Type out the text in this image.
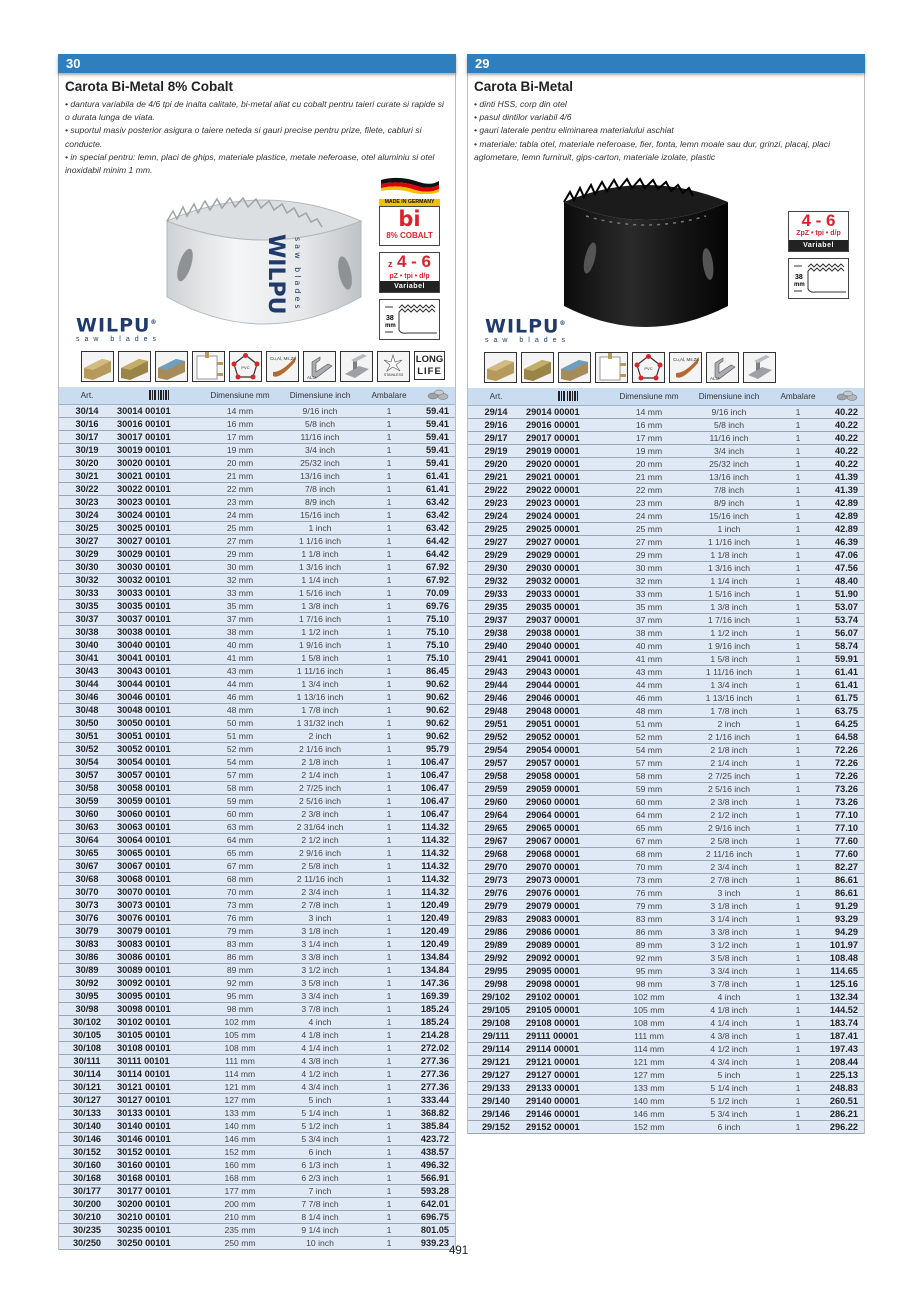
30
Carota Bi-Metal 8% Cobalt
• dantura variabila de 4/6 tpi de inalta calitate, bi-metal aliat cu cobalt pentru taieri curate si rapide si o durata lunga de viata.
• suportul masiv posterior asigura o taiere neteda si gauri precise pentru prize, filete, cabluri si conducte.
• in special pentru: lemn, placi de ghips, materiale plastice, metale neferoase, otel aluminiu si otel inoxidabil minim 1 mm.
WILPU saw blades
WILPU®
saw blades
MADE IN GERMANY
bi
8% COBALT
z 4 - 6
pZ • tpi • d/p
Variabel
38
mm
PVC
Cu,Al, Ms,Zn
ALU	STAINLESS
LONG
LIFE
Art.		Dimensiune mm	Dimensiune inch	Ambalare	
30/14	30014 00101	14 mm	9/16 inch	1	59.41
30/16	30016 00101	16 mm	5/8 inch	1	59.41
30/17	30017 00101	17 mm	11/16 inch	1	59.41
30/19	30019 00101	19 mm	3/4 inch	1	59.41
30/20	30020 00101	20 mm	25/32 inch	1	59.41
30/21	30021 00101	21 mm	13/16 inch	1	61.41
30/22	30022 00101	22 mm	7/8 inch	1	61.41
30/23	30023 00101	23 mm	8/9 inch	1	63.42
30/24	30024 00101	24 mm	15/16 inch	1	63.42
30/25	30025 00101	25 mm	1 inch	1	63.42
30/27	30027 00101	27 mm	1 1/16 inch	1	64.42
30/29	30029 00101	29 mm	1 1/8 inch	1	64.42
30/30	30030 00101	30 mm	1 3/16 inch	1	67.92
30/32	30032 00101	32 mm	1 1/4 inch	1	67.92
30/33	30033 00101	33 mm	1 5/16 inch	1	70.09
30/35	30035 00101	35 mm	1 3/8 inch	1	69.76
30/37	30037 00101	37 mm	1 7/16 inch	1	75.10
30/38	30038 00101	38 mm	1 1/2 inch	1	75.10
30/40	30040 00101	40 mm	1 9/16 inch	1	75.10
30/41	30041 00101	41 mm	1 5/8 inch	1	75.10
30/43	30043 00101	43 mm	1 11/16 inch	1	86.45
30/44	30044 00101	44 mm	1 3/4 inch	1	90.62
30/46	30046 00101	46 mm	1 13/16 inch	1	90.62
30/48	30048 00101	48 mm	1 7/8 inch	1	90.62
30/50	30050 00101	50 mm	1 31/32 inch	1	90.62
30/51	30051 00101	51 mm	2 inch	1	90.62
30/52	30052 00101	52 mm	2 1/16 inch	1	95.79
30/54	30054 00101	54 mm	2 1/8 inch	1	106.47
30/57	30057 00101	57 mm	2 1/4 inch	1	106.47
30/58	30058 00101	58 mm	2 7/25 inch	1	106.47
30/59	30059 00101	59 mm	2 5/16 inch	1	106.47
30/60	30060 00101	60 mm	2 3/8 inch	1	106.47
30/63	30063 00101	63 mm	2 31/64 inch	1	114.32
30/64	30064 00101	64 mm	2 1/2 inch	1	114.32
30/65	30065 00101	65 mm	2 9/16 inch	1	114.32
30/67	30067 00101	67 mm	2 5/8 inch	1	114.32
30/68	30068 00101	68 mm	2 11/16 inch	1	114.32
30/70	30070 00101	70 mm	2 3/4 inch	1	114.32
30/73	30073 00101	73 mm	2 7/8 inch	1	120.49
30/76	30076 00101	76 mm	3 inch	1	120.49
30/79	30079 00101	79 mm	3 1/8 inch	1	120.49
30/83	30083 00101	83 mm	3 1/4 inch	1	120.49
30/86	30086 00101	86 mm	3 3/8 inch	1	134.84
30/89	30089 00101	89 mm	3 1/2 inch	1	134.84
30/92	30092 00101	92 mm	3 5/8 inch	1	147.36
30/95	30095 00101	95 mm	3 3/4 inch	1	169.39
30/98	30098 00101	98 mm	3 7/8 inch	1	185.24
30/102	30102 00101	102 mm	4 inch	1	185.24
30/105	30105 00101	105 mm	4 1/8 inch	1	214.28
30/108	30108 00101	108 mm	4 1/4 inch	1	272.02
30/111	30111 00101	111 mm	4 3/8 inch	1	277.36
30/114	30114 00101	114 mm	4 1/2 inch	1	277.36
30/121	30121 00101	121 mm	4 3/4 inch	1	277.36
30/127	30127 00101	127 mm	5 inch	1	333.44
30/133	30133 00101	133 mm	5 1/4 inch	1	368.82
30/140	30140 00101	140 mm	5 1/2 inch	1	385.84
30/146	30146 00101	146 mm	5 3/4 inch	1	423.72
30/152	30152 00101	152 mm	6 inch	1	438.57
30/160	30160 00101	160 mm	6 1/3 inch	1	496.32
30/168	30168 00101	168 mm	6 2/3 inch	1	566.91
30/177	30177 00101	177 mm	7 inch	1	593.28
30/200	30200 00101	200 mm	7 7/8 inch	1	642.01
30/210	30210 00101	210 mm	8 1/4 inch	1	696.75
30/235	30235 00101	235 mm	9 1/4 inch	1	801.05
30/250	30250 00101	250 mm	10 inch	1	939.23
29
Carota Bi-Metal
• dinti HSS, corp din otel
• pasul dintilor variabil 4/6
• gauri laterale pentru eliminarea materialului aschiat
• materiale: tabla otel, materiale neferoase, fier, fonta, lemn moale sau dur, grinzi, placaj, placi aglometare, lemn furniruit, gips-carton, materiale izolate, plastic
WILPU®
saw blades
4 - 6
ZpZ • tpi • d/p
Variabel
38
mm
PVC
Cu,Al, Ms,Zn
ALU
Art.		Dimensiune mm	Dimensiune inch	Ambalare	
29/14	29014 00001	14 mm	9/16 inch	1	40.22
29/16	29016 00001	16 mm	5/8 inch	1	40.22
29/17	29017 00001	17 mm	11/16 inch	1	40.22
29/19	29019 00001	19 mm	3/4 inch	1	40.22
29/20	29020 00001	20 mm	25/32 inch	1	40.22
29/21	29021 00001	21 mm	13/16 inch	1	41.39
29/22	29022 00001	22 mm	7/8 inch	1	41.39
29/23	29023 00001	23 mm	8/9 inch	1	42.89
29/24	29024 00001	24 mm	15/16 inch	1	42.89
29/25	29025 00001	25 mm	1 inch	1	42.89
29/27	29027 00001	27 mm	1 1/16 inch	1	46.39
29/29	29029 00001	29 mm	1 1/8 inch	1	47.06
29/30	29030 00001	30 mm	1 3/16 inch	1	47.56
29/32	29032 00001	32 mm	1 1/4 inch	1	48.40
29/33	29033 00001	33 mm	1 5/16 inch	1	51.90
29/35	29035 00001	35 mm	1 3/8 inch	1	53.07
29/37	29037 00001	37 mm	1 7/16 inch	1	53.74
29/38	29038 00001	38 mm	1 1/2 inch	1	56.07
29/40	29040 00001	40 mm	1 9/16 inch	1	58.74
29/41	29041 00001	41 mm	1 5/8 inch	1	59.91
29/43	29043 00001	43 mm	1 11/16 inch	1	61.41
29/44	29044 00001	44 mm	1 3/4 inch	1	61.41
29/46	29046 00001	46 mm	1 13/16 inch	1	61.75
29/48	29048 00001	48 mm	1 7/8 inch	1	63.75
29/51	29051 00001	51 mm	2 inch	1	64.25
29/52	29052 00001	52 mm	2 1/16 inch	1	64.58
29/54	29054 00001	54 mm	2 1/8 inch	1	72.26
29/57	29057 00001	57 mm	2 1/4 inch	1	72.26
29/58	29058 00001	58 mm	2 7/25 inch	1	72.26
29/59	29059 00001	59 mm	2 5/16 inch	1	73.26
29/60	29060 00001	60 mm	2 3/8 inch	1	73.26
29/64	29064 00001	64 mm	2 1/2 inch	1	77.10
29/65	29065 00001	65 mm	2 9/16 inch	1	77.10
29/67	29067 00001	67 mm	2 5/8 inch	1	77.60
29/68	29068 00001	68 mm	2 11/16 inch	1	77.60
29/70	29070 00001	70 mm	2 3/4 inch	1	82.27
29/73	29073 00001	73 mm	2 7/8 inch	1	86.61
29/76	29076 00001	76 mm	3 inch	1	86.61
29/79	29079 00001	79 mm	3 1/8 inch	1	91.29
29/83	29083 00001	83 mm	3 1/4 inch	1	93.29
29/86	29086 00001	86 mm	3 3/8 inch	1	94.29
29/89	29089 00001	89 mm	3 1/2 inch	1	101.97
29/92	29092 00001	92 mm	3 5/8 inch	1	108.48
29/95	29095 00001	95 mm	3 3/4 inch	1	114.65
29/98	29098 00001	98 mm	3 7/8 inch	1	125.16
29/102	29102 00001	102 mm	4 inch	1	132.34
29/105	29105 00001	105 mm	4 1/8 inch	1	144.52
29/108	29108 00001	108 mm	4 1/4 inch	1	183.74
29/111	29111 00001	111 mm	4 3/8 inch	1	187.41
29/114	29114 00001	114 mm	4 1/2 inch	1	197.43
29/121	29121 00001	121 mm	4 3/4 inch	1	208.44
29/127	29127 00001	127 mm	5 inch	1	225.13
29/133	29133 00001	133 mm	5 1/4 inch	1	248.83
29/140	29140 00001	140 mm	5 1/2 inch	1	260.51
29/146	29146 00001	146 mm	5 3/4 inch	1	286.21
29/152	29152 00001	152 mm	6 inch	1	296.22
491
